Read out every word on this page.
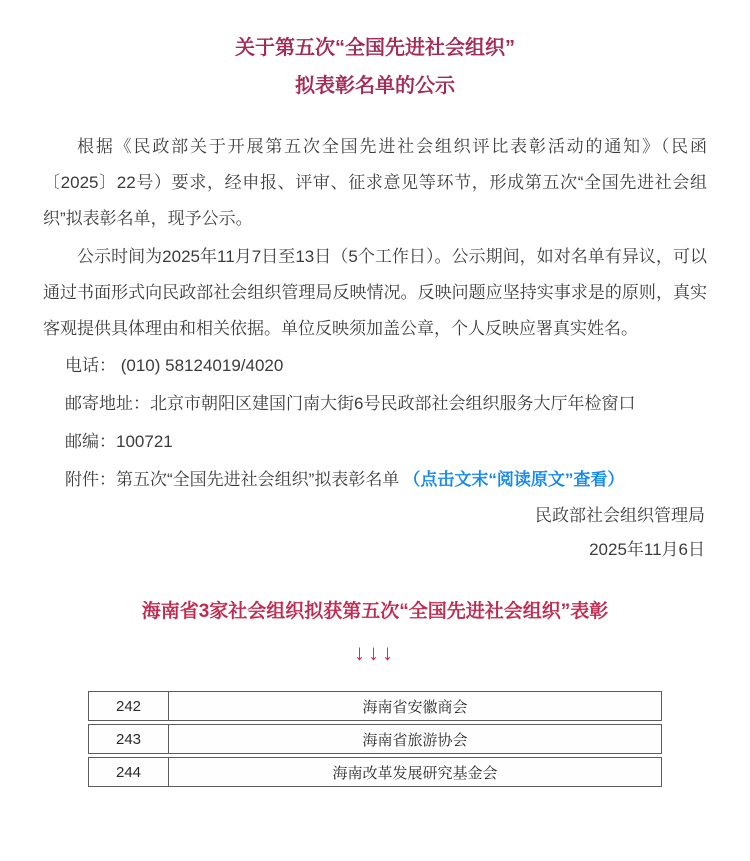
关于第五次“全国先进社会组织”
拟表彰名单的公示

根据《民政部关于开展第五次全国先进社会组织评比表彰活动的通知》（民函〔2025〕22号）要求，经申报、评审、征求意见等环节，形成第五次“全国先进社会组织”拟表彰名单，现予公示。

公示时间为2025年11月7日至13日（5个工作日）。公示期间，如对名单有异议，可以通过书面形式向民政部社会组织管理局反映情况。反映问题应坚持实事求是的原则，真实客观提供具体理由和相关依据。单位反映须加盖公章，个人反映应署真实姓名。

电话： (010) 58124019/4020
邮寄地址：北京市朝阳区建国门南大街6号民政部社会组织服务大厅年检窗口
邮编：100721
附件：第五次“全国先进社会组织”拟表彰名单 （点击文末“阅读原文”查看）
民政部社会组织管理局
2025年11月6日
海南省3家社会组织拟获第五次“全国先进社会组织”表彰
↓↓↓
242	海南省安徽商会
243	海南省旅游协会
244	海南改革发展研究基金会
